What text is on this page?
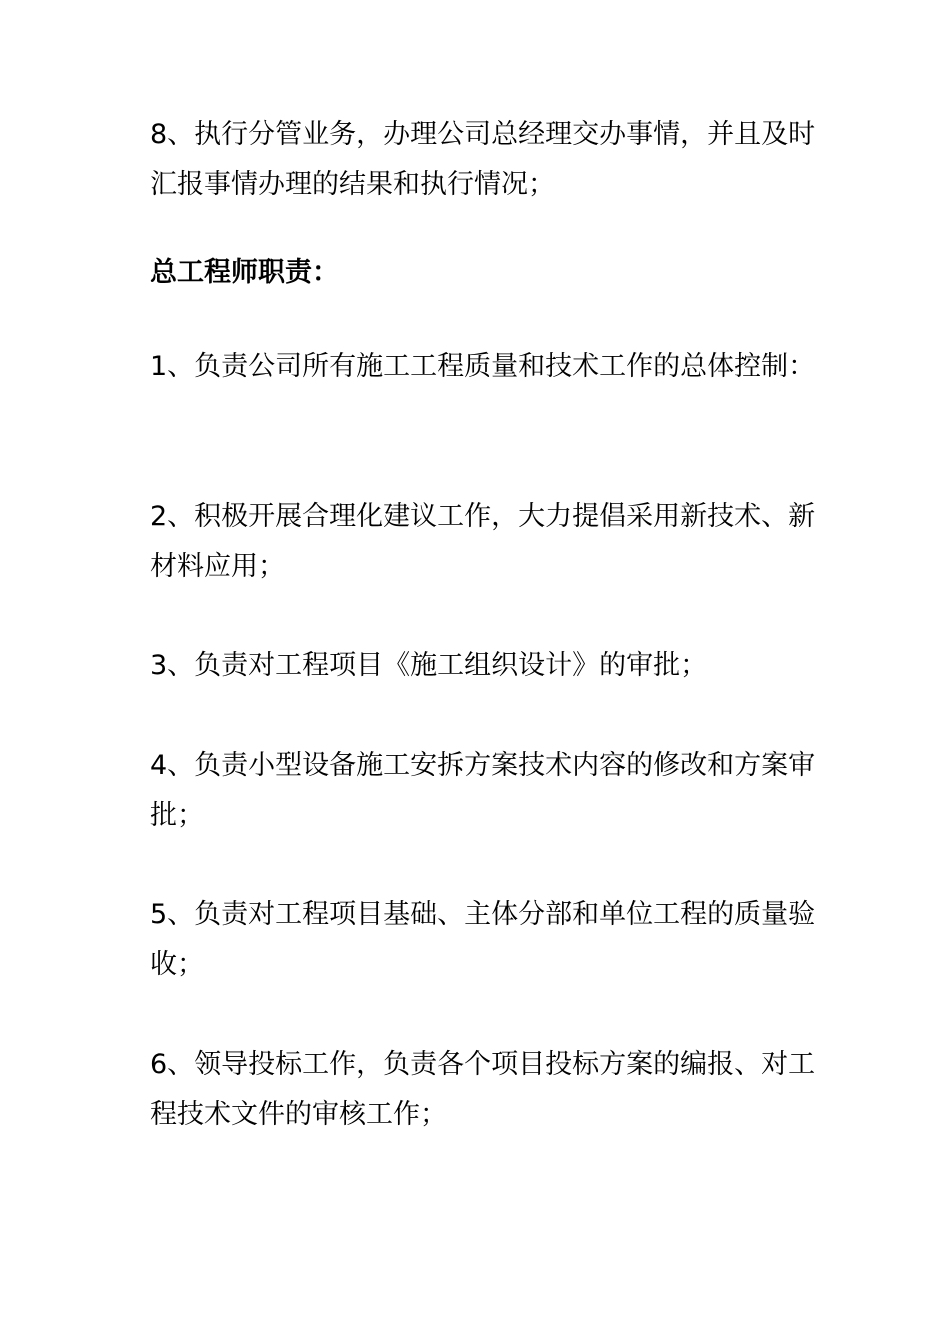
8、执行分管业务，办理公司总经理交办事情，并且及时汇报事情办理的结果和执行情况；

总工程师职责：

1、负责公司所有施工工程质量和技术工作的总体控制：

2、积极开展合理化建议工作，大力提倡采用新技术、新材料应用；

3、负责对工程项目《施工组织设计》的审批；

4、负责小型设备施工安拆方案技术内容的修改和方案审批；

5、负责对工程项目基础、主体分部和单位工程的质量验收；

6、领导投标工作，负责各个项目投标方案的编报、对工程技术文件的审核工作；
